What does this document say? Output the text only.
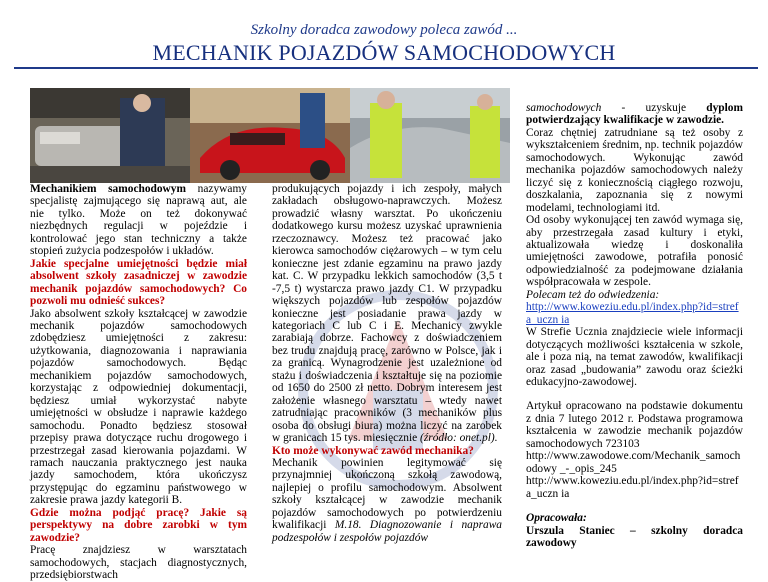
Szkolny doradca zawodowy poleca zawód ...
MECHANIK POJAZDÓW SAMOCHODOWYCH

Mechanikiem samochodowym nazywamy specjalistę zajmującego się naprawą aut, ale nie tylko. Może on też dokonywać niezbędnych regulacji w pojeździe i kontrolować jego stan techniczny a także stopień zużycia podzespołów i układów.

Jakie specjalne umiejętności będzie miał absolwent szkoły zasadniczej w zawodzie mechanik pojazdów samochodowych? Co pozwoli mu odnieść sukces?

Jako absolwent szkoły kształcącej w zawodzie mechanik pojazdów samochodowych zdobędziesz umiejętności z zakresu: użytkowania, diagnozowania i naprawiania pojazdów samochodowych. Będąc mechanikiem pojazdów samochodowych, korzystając z odpowiedniej dokumentacji, będziesz umiał wykorzystać nabyte umiejętności w obsłudze i naprawie każdego samochodu. Ponadto będziesz stosował przepisy prawa dotyczące ruchu drogowego i przestrzegał zasad kierowania pojazdami. W ramach nauczania praktycznego jest nauka jazdy samochodem, która ukończysz przystępując do egzaminu państwowego w zakresie prawa jazdy kategorii B.

Gdzie można podjąć pracę? Jakie są perspektywy na dobre zarobki w tym zawodzie?

Pracę znajdziesz w warsztatach samochodowych, stacjach diagnostycznych, przedsiębiorstwach

produkujących pojazdy i ich zespoły, małych zakładach obsługowo-naprawczych. Możesz prowadzić własny warsztat. Po ukończeniu dodatkowego kursu możesz uzyskać uprawnienia rzeczoznawcy. Możesz też pracować jako kierowca samochodów ciężarowych – w tym celu konieczne jest zdanie egzaminu na prawo jazdy kat. C. W przypadku lekkich samochodów (3,5 t -7,5 t) wystarcza prawo jazdy C1. W przypadku większych pojazdów lub zespołów pojazdów konieczne jest posiadanie prawa jazdy w kategoriach C lub C i E. Mechanicy zwykle zarabiają dobrze. Fachowcy z doświadczeniem bez trudu znajdują pracę, zarówno w Polsce, jak i za granicą. Wynagrodzenie jest uzależnione od stażu i doświadczenia i kształtuje się na poziomie od 1650 do 2500 zł netto. Dobrym interesem jest założenie własnego warsztatu – wtedy nawet zatrudniając pracowników (3 mechaników plus osoba do obsługi biura) można liczyć na zarobek w granicach 15 tys. miesięcznie (źródło: onet.pl).

Kto może wykonywać zawód mechanika?

Mechanik powinien legitymować się przynajmniej ukończoną szkołą zawodową, najlepiej o profilu samochodowym. Absolwent szkoły kształcącej w zawodzie mechanik pojazdów samochodowych po potwierdzeniu kwalifikacji M.18. Diagnozowanie i naprawa podzespołów i zespołów pojazdów

samochodowych - uzyskuje dyplom potwierdzający kwalifikacje w zawodzie.

Coraz chętniej zatrudniane są też osoby z wykształceniem średnim, np. technik pojazdów samochodowych. Wykonując zawód mechanika pojazdów samochodowych należy liczyć się z koniecznością ciągłego rozwoju, doszkalania, zapoznania się z nowymi modelami, technologiami itd.

Od osoby wykonującej ten zawód wymaga się, aby przestrzegała zasad kultury i etyki, aktualizowała wiedzę i doskonaliła umiejętności zawodowe, potrafiła ponosić odpowiedzialność za podejmowane działania współpracowała w zespole.

Polecam też do odwiedzenia:

http://www.koweziu.edu.pl/index.php?id=strefa_uczn ia

W Strefie Ucznia znajdziecie wiele informacji dotyczących możliwości kształcenia w szkole, ale i poza nią, na temat zawodów, kwalifikacji oraz zasad „budowania” zawodu oraz ścieżki edukacyjno-zawodowej.

Artykuł opracowano na podstawie dokumentu z dnia 7 lutego 2012 r. Podstawa programowa kształcenia w zawodzie mechanik pojazdów samochodowych 723103

http://www.zawodowe.com/Mechanik_samochodowy _-_opis_245

http://www.koweziu.edu.pl/index.php?id=strefa_uczn ia

Opracowała:

Urszula Staniec – szkolny doradca zawodowy
